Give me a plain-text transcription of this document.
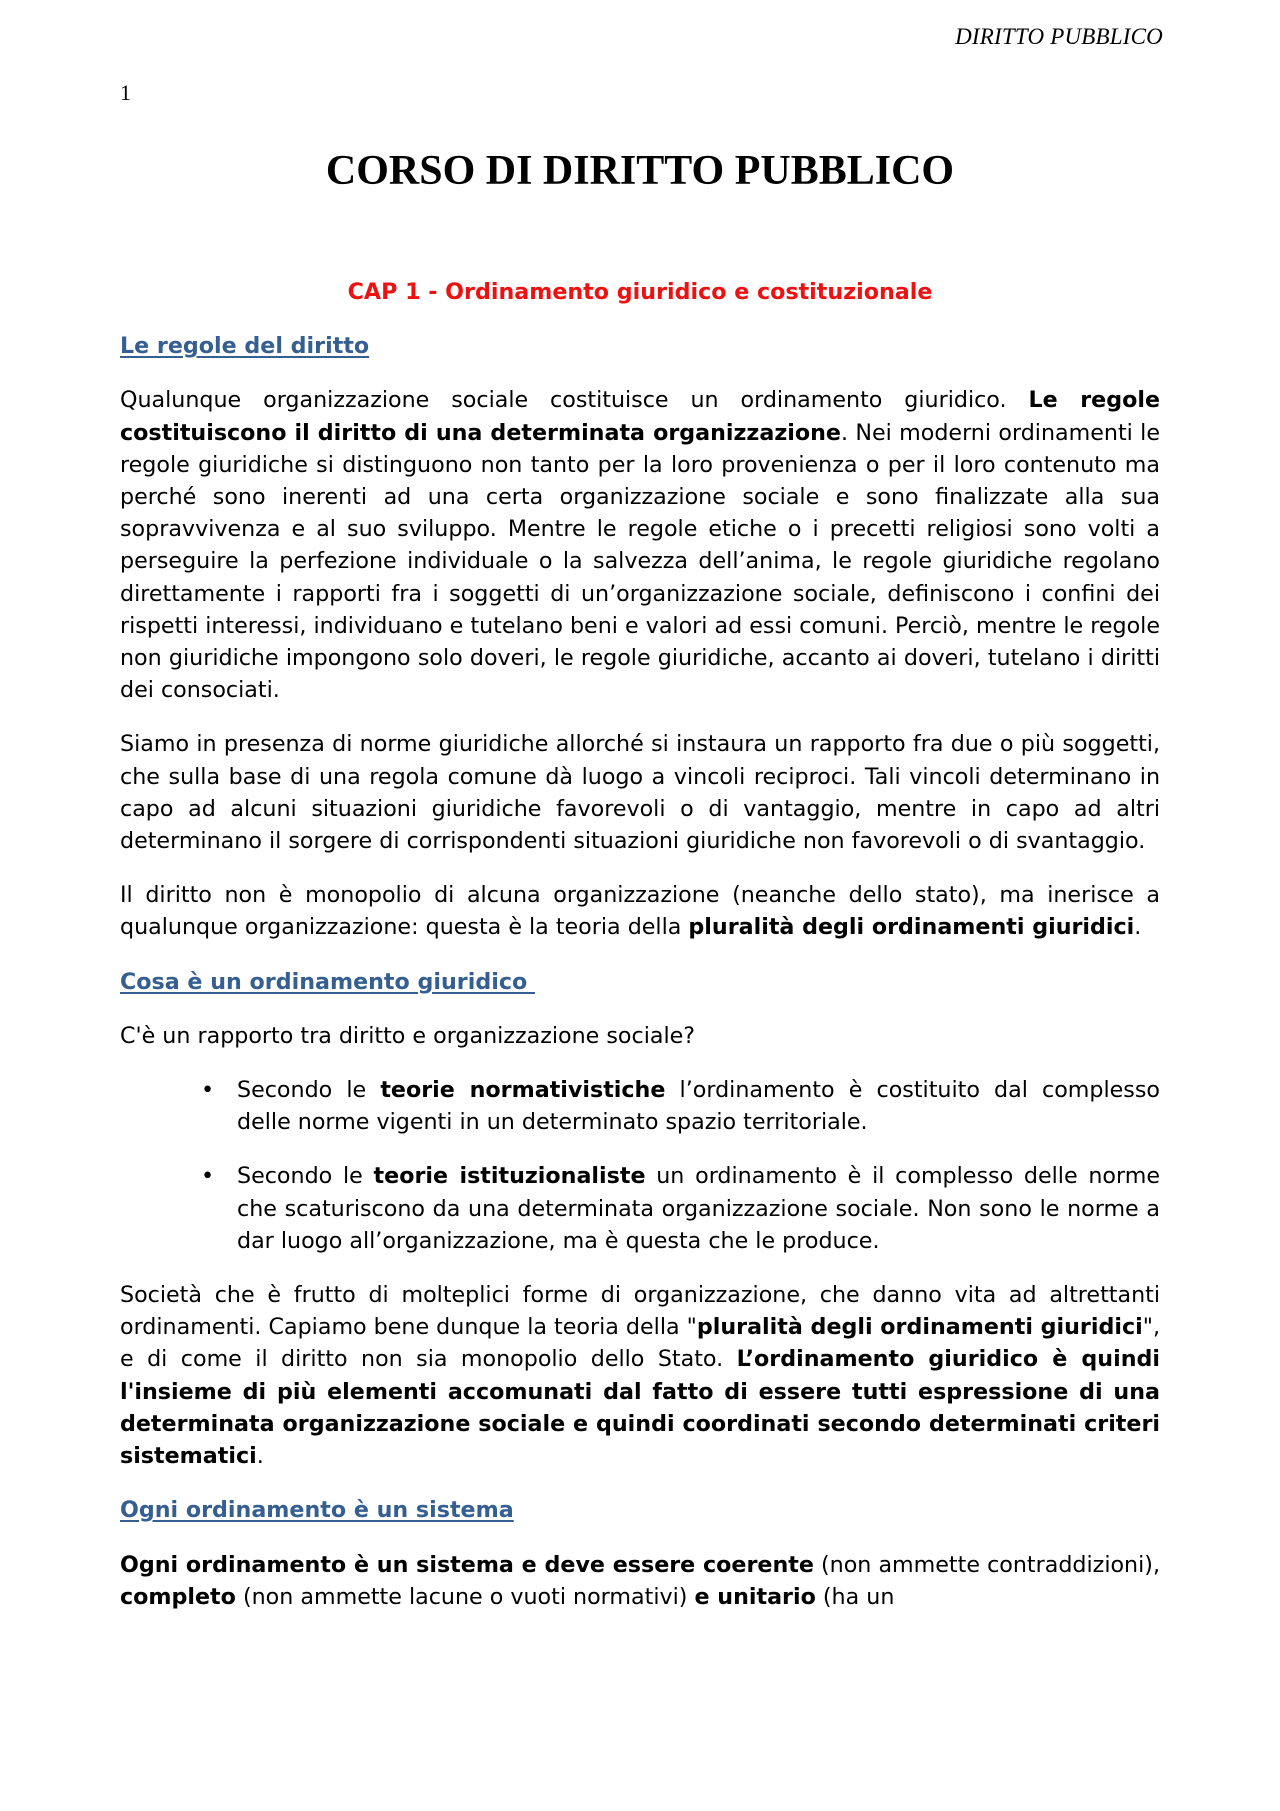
DIRITTO PUBBLICO
1
CORSO DI DIRITTO PUBBLICO
CAP 1 - Ordinamento giuridico e costituzionale
Le regole del diritto

Qualunque organizzazione sociale costituisce un ordinamento giuridico. Le regole costituiscono il diritto di una determinata organizzazione. Nei moderni ordinamenti le regole giuridiche si distinguono non tanto per la loro provenienza o per il loro contenuto ma perché sono inerenti ad una certa organizzazione sociale e sono finalizzate alla sua sopravvivenza e al suo sviluppo. Mentre le regole etiche o i precetti religiosi sono volti a perseguire la perfezione individuale o la salvezza dell’anima, le regole giuridiche regolano direttamente i rapporti fra i soggetti di un’organizzazione sociale, definiscono i confini dei rispetti interessi, individuano e tutelano beni e valori ad essi comuni. Perciò, mentre le regole non giuridiche impongono solo doveri, le regole giuridiche, accanto ai doveri, tutelano i diritti dei consociati.

Siamo in presenza di norme giuridiche allorché si instaura un rapporto fra due o più soggetti, che sulla base di una regola comune dà luogo a vincoli reciproci. Tali vincoli determinano in capo ad alcuni situazioni giuridiche favorevoli o di vantaggio, mentre in capo ad altri determinano il sorgere di corrispondenti situazioni giuridiche non favorevoli o di svantaggio.

Il diritto non è monopolio di alcuna organizzazione (neanche dello stato), ma inerisce a qualunque organizzazione: questa è la teoria della pluralità degli ordinamenti giuridici.

Cosa è un ordinamento giuridico

C'è un rapporto tra diritto e organizzazione sociale?

• Secondo le teorie normativistiche l’ordinamento è costituito dal complesso delle norme vigenti in un determinato spazio territoriale.
• Secondo le teorie istituzionaliste un ordinamento è il complesso delle norme che scaturiscono da una determinata organizzazione sociale. Non sono le norme a dar luogo all’organizzazione, ma è questa che le produce.

Società che è frutto di molteplici forme di organizzazione, che danno vita ad altrettanti ordinamenti. Capiamo bene dunque la teoria della "pluralità degli ordinamenti giuridici", e di come il diritto non sia monopolio dello Stato. L’ordinamento giuridico è quindi l'insieme di più elementi accomunati dal fatto di essere tutti espressione di una determinata organizzazione sociale e quindi coordinati secondo determinati criteri sistematici.

Ogni ordinamento è un sistema

Ogni ordinamento è un sistema e deve essere coerente (non ammette contraddizioni), completo (non ammette lacune o vuoti normativi) e unitario (ha un
